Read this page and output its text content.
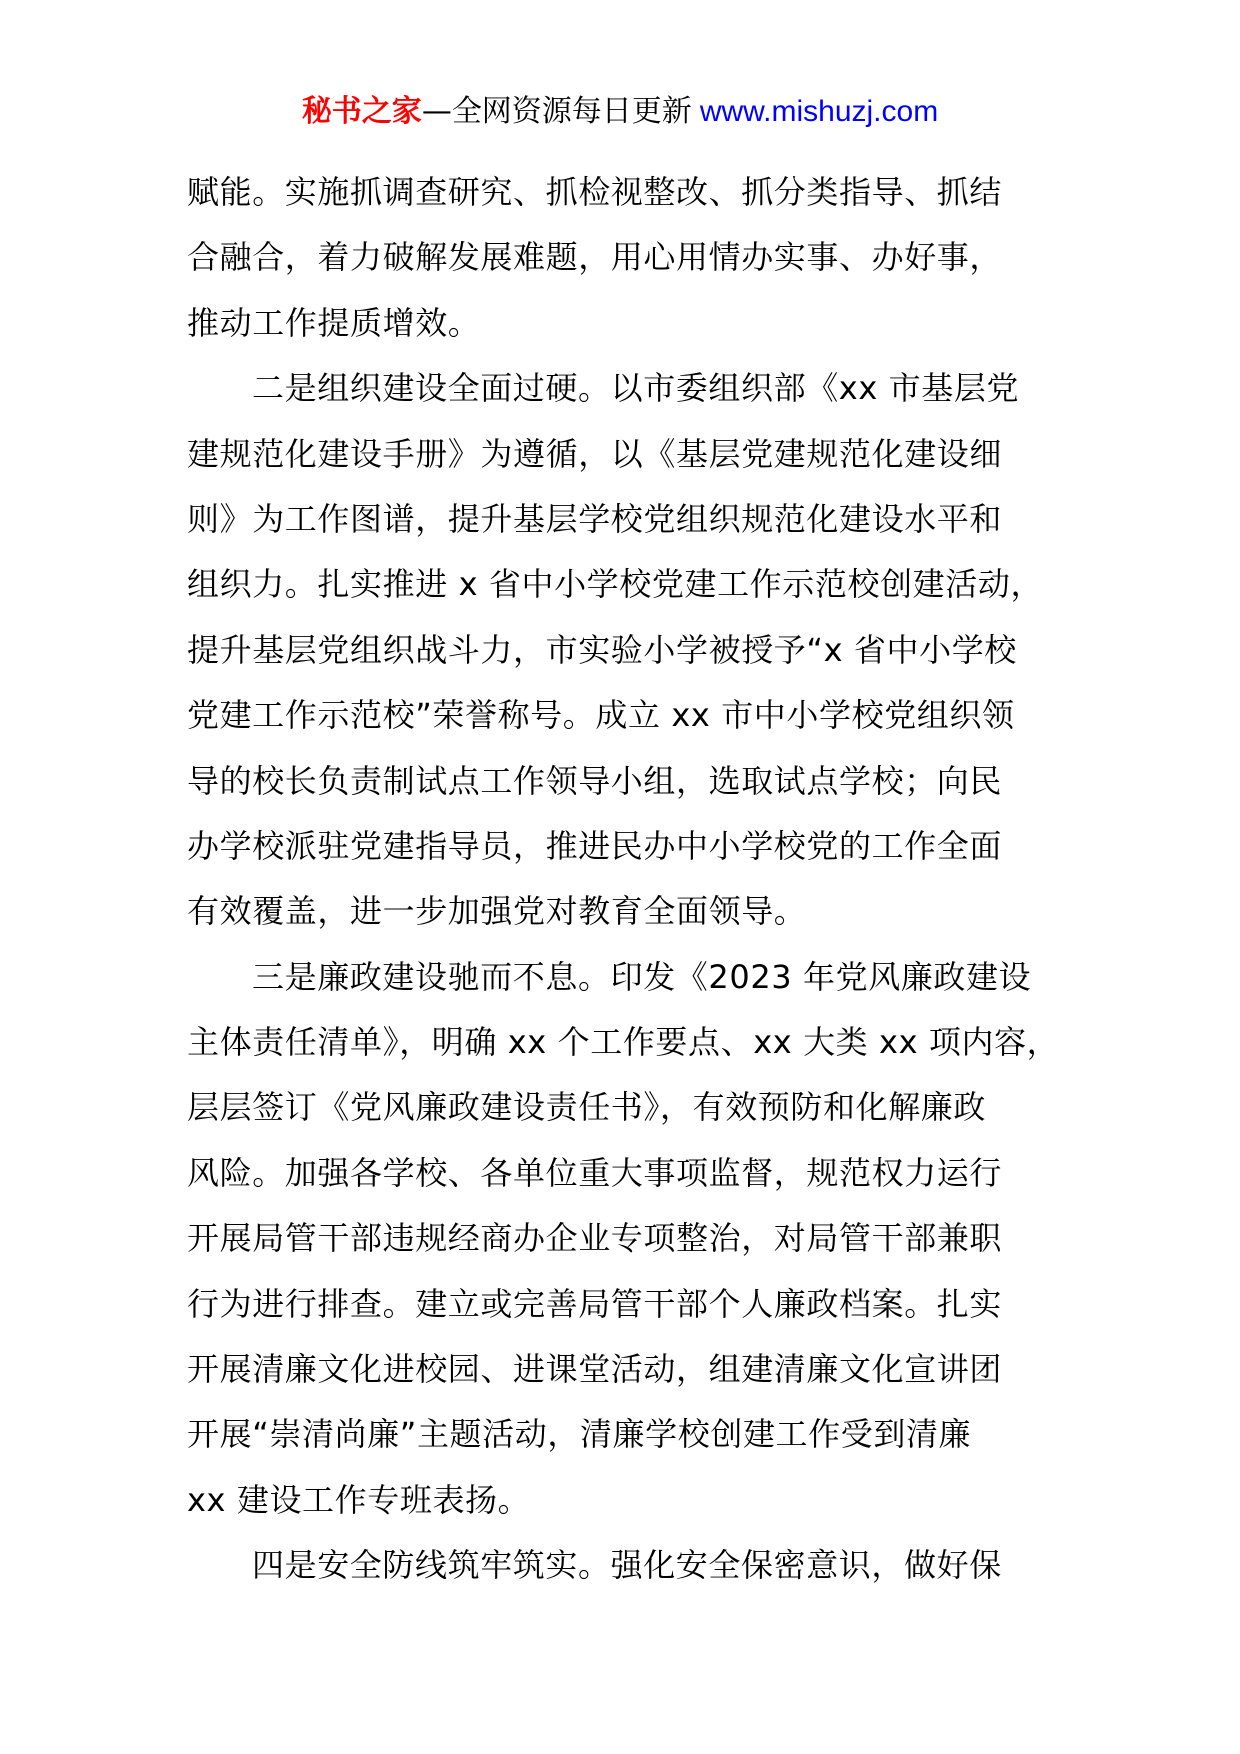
秘书之家—全网资源每日更新 www.mishuzj.com
赋能。实施抓调查研究、抓检视整改、抓分类指导、抓结
合融合，着力破解发展难题，用心用情办实事、办好事，
推动工作提质增效。
二是组织建设全面过硬。以市委组织部《xx 市基层党
建规范化建设手册》为遵循，以《基层党建规范化建设细
则》为工作图谱，提升基层学校党组织规范化建设水平和
组织力。扎实推进 x 省中小学校党建工作示范校创建活动，
提升基层党组织战斗力，市实验小学被授予“x 省中小学校
党建工作示范校”荣誉称号。成立 xx 市中小学校党组织领
导的校长负责制试点工作领导小组，选取试点学校；向民
办学校派驻党建指导员，推进民办中小学校党的工作全面
有效覆盖，进一步加强党对教育全面领导。
三是廉政建设驰而不息。印发《2023 年党风廉政建设
主体责任清单》，明确 xx 个工作要点、xx 大类 xx 项内容，
层层签订《党风廉政建设责任书》，有效预防和化解廉政
风险。加强各学校、各单位重大事项监督，规范权力运行
开展局管干部违规经商办企业专项整治，对局管干部兼职
行为进行排查。建立或完善局管干部个人廉政档案。扎实
开展清廉文化进校园、进课堂活动，组建清廉文化宣讲团
开展“崇清尚廉”主题活动，清廉学校创建工作受到清廉
xx 建设工作专班表扬。
四是安全防线筑牢筑实。强化安全保密意识，做好保
